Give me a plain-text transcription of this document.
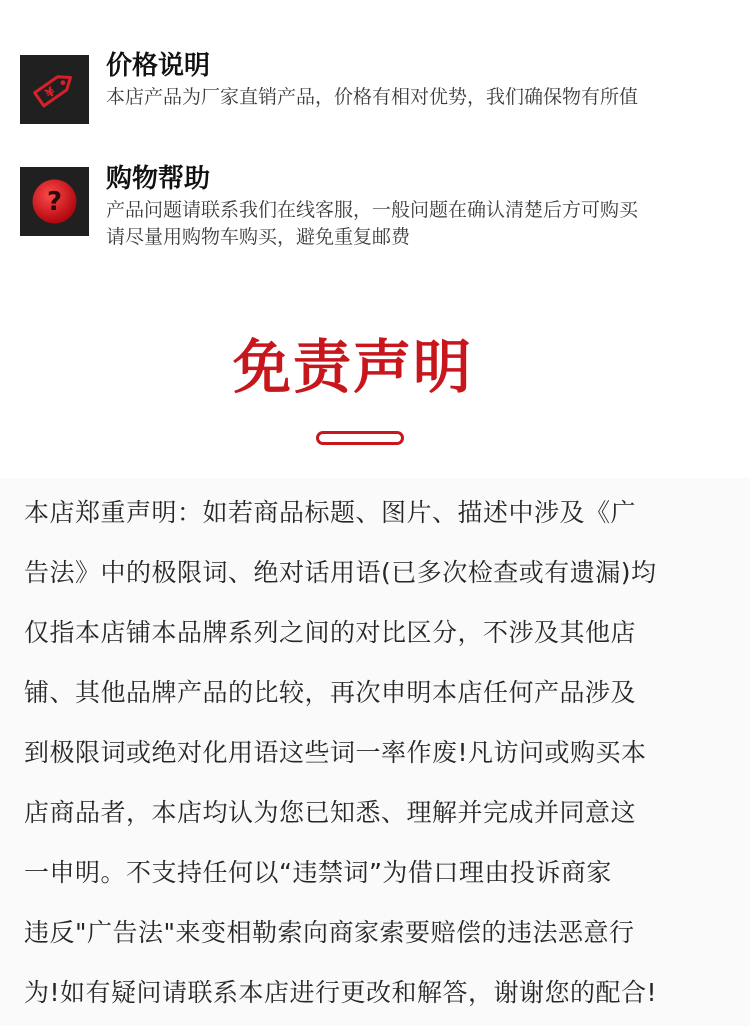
¥
价格说明
本店产品为厂家直销产品，价格有相对优势，我们确保物有所值
?
购物帮助
产品问题请联系我们在线客服，一般问题在确认清楚后方可购买
请尽量用购物车购买，避免重复邮费
免责声明
本店郑重声明：如若商品标题、图片、描述中涉及《广
告法》中的极限词、绝对话用语(已多次检查或有遗漏)均
仅指本店铺本品牌系列之间的对比区分，不涉及其他店
铺、其他品牌产品的比较，再次申明本店任何产品涉及
到极限词或绝对化用语这些词一率作废!凡访问或购买本
店商品者，本店均认为您已知悉、理解并完成并同意这
一申明。不支持任何以“违禁词”为借口理由投诉商家
违反"广告法"来变相勒索向商家索要赔偿的违法恶意行
为!如有疑问请联系本店进行更改和解答，谢谢您的配合!
